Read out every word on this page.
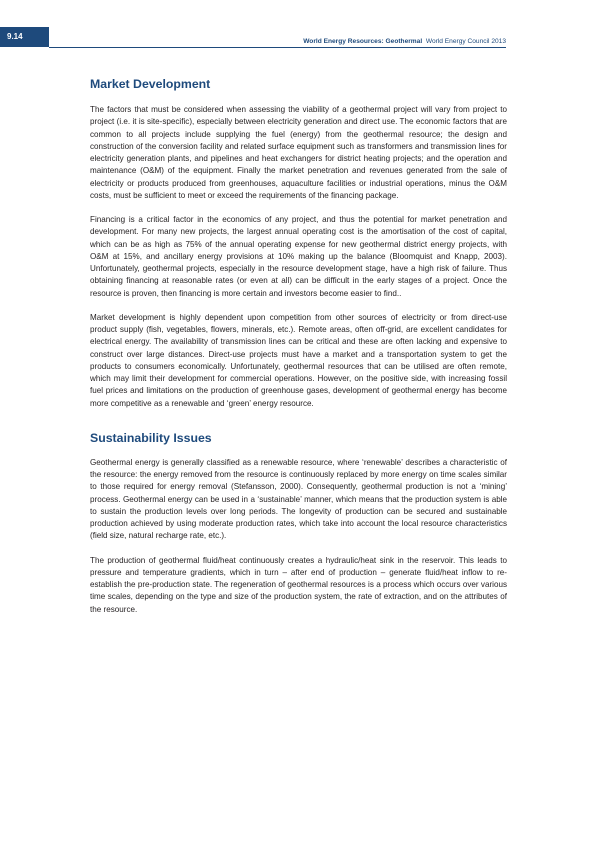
9.14
World Energy Resources: Geothermal World Energy Council 2013
Market Development

The factors that must be considered when assessing the viability of a geothermal project will vary from project to project (i.e. it is site-specific), especially between electricity generation and direct use. The economic factors that are common to all projects include supplying the fuel (energy) from the geothermal resource; the design and construction of the conversion facility and related surface equipment such as transformers and transmission lines for electricity generation plants, and pipelines and heat exchangers for district heating projects; and the operation and maintenance (O&M) of the equipment. Finally the market penetration and revenues generated from the sale of electricity or products produced from greenhouses, aquaculture facilities or industrial operations, minus the O&M costs, must be sufficient to meet or exceed the requirements of the financing package.

Financing is a critical factor in the economics of any project, and thus the potential for market penetration and development. For many new projects, the largest annual operating cost is the amortisation of the cost of capital, which can be as high as 75% of the annual operating expense for new geothermal district energy projects, with O&M at 15%, and ancillary energy provisions at 10% making up the balance (Bloomquist and Knapp, 2003). Unfortunately, geothermal projects, especially in the resource development stage, have a high risk of failure. Thus obtaining financing at reasonable rates (or even at all) can be difficult in the early stages of a project. Once the resource is proven, then financing is more certain and investors become easier to find..

Market development is highly dependent upon competition from other sources of electricity or from direct-use product supply (fish, vegetables, flowers, minerals, etc.). Remote areas, often off-grid, are excellent candidates for electrical energy. The availability of transmission lines can be critical and these are often lacking and expensive to construct over large distances. Direct-use projects must have a market and a transportation system to get the products to consumers economically. Unfortunately, geothermal resources that can be utilised are often remote, which may limit their development for commercial operations. However, on the positive side, with increasing fossil fuel prices and limitations on the production of greenhouse gases, development of geothermal energy has become more competitive as a renewable and ‘green’ energy resource.

Sustainability Issues

Geothermal energy is generally classified as a renewable resource, where ‘renewable’ describes a characteristic of the resource: the energy removed from the resource is continuously replaced by more energy on time scales similar to those required for energy removal (Stefansson, 2000). Consequently, geothermal production is not a ‘mining’ process. Geothermal energy can be used in a ‘sustainable’ manner, which means that the production system is able to sustain the production levels over long periods. The longevity of production can be secured and sustainable production achieved by using moderate production rates, which take into account the local resource characteristics (field size, natural recharge rate, etc.).

The production of geothermal fluid/heat continuously creates a hydraulic/heat sink in the reservoir. This leads to pressure and temperature gradients, which in turn – after end of production – generate fluid/heat inflow to re-establish the pre-production state. The regeneration of geothermal resources is a process which occurs over various time scales, depending on the type and size of the production system, the rate of extraction, and on the attributes of the resource.
